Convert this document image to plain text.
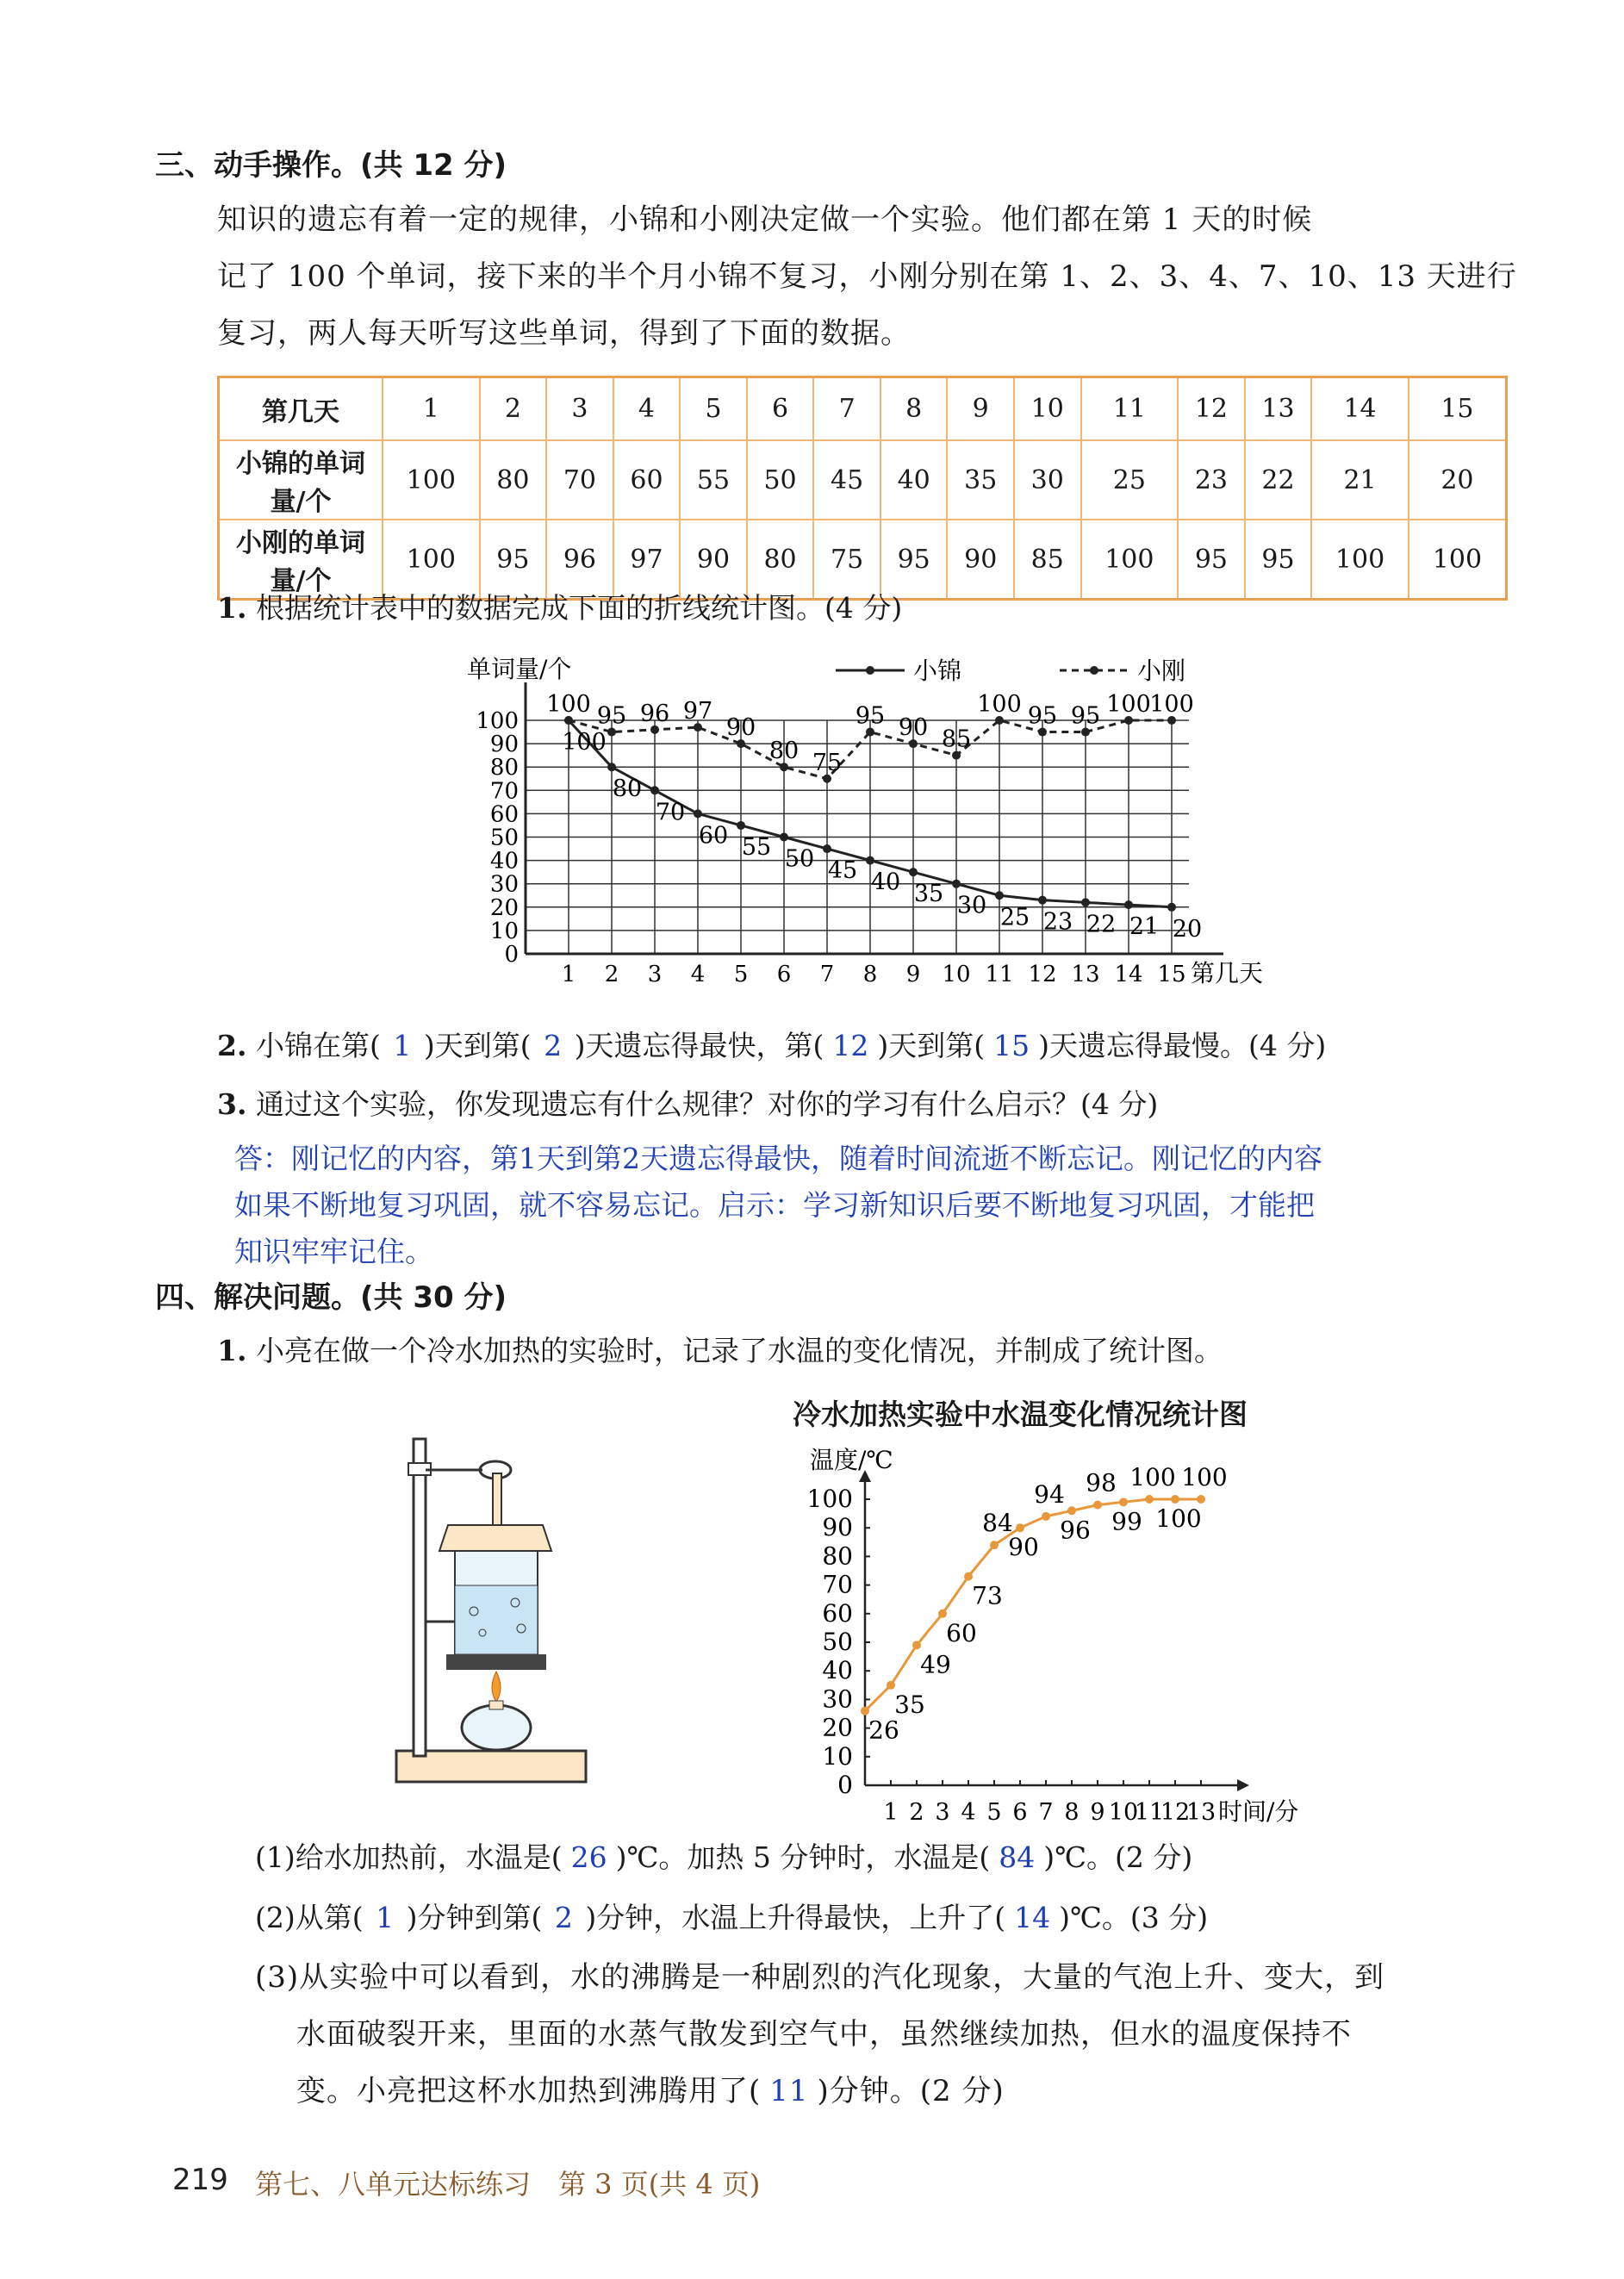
三、动手操作。(共 12 分)
知识的遗忘有着一定的规律，小锦和小刚决定做一个实验。他们都在第 1 天的时候
记了 100 个单词，接下来的半个月小锦不复习，小刚分别在第 1、2、3、4、7、10、13 天进行
复习，两人每天听写这些单词，得到了下面的数据。
第几天	1	2	3	4	5	6	7	8	9	10	11	12	13	14	15
小锦的单词量/个	100	80	70	60	55	50	45	40	35	30	25	23	22	21	20
小刚的单词量/个	100	95	96	97	90	80	75	95	90	85	100	95	95	100	100
1. 根据统计表中的数据完成下面的折线统计图。(4 分)
0
10
20
30
40
50
60
70
80
90
100
1 2 3 4 5 6 7 8 9 10 11 12 13 14 15 第几天
单词量/个	小锦	小刚
100
80
70
60 55 50 45 40 35 30 25 23 22 21 20
100 95 96 97
90
80 75
95 90 85
100 95 95 100
100
2. 小锦在第( 1 )天到第( 2 )天遗忘得最快，第( 12 )天到第( 15 )天遗忘得最慢。(4 分)
3. 通过这个实验，你发现遗忘有什么规律？对你的学习有什么启示？(4 分)
答：刚记忆的内容，第1天到第2天遗忘得最快，随着时间流逝不断忘记。刚记忆的内容
如果不断地复习巩固，就不容易忘记。启示：学习新知识后要不断地复习巩固，才能把
知识牢牢记住。
四、解决问题。(共 30 分)
1. 小亮在做一个冷水加热的实验时，记录了水温的变化情况，并制成了统计图。
冷水加热实验中水温变化情况统计图
温度/℃
时间/分
0
10
20
30
40
50
60
70
80
90
100
1 2 3 4 5 6 7 8 9 10
11
12
13
26
35
49
60
73
84
90
94
96
98
99
100
100
100
(1)给水加热前，水温是( 26 )℃。加热 5 分钟时，水温是( 84 )℃。(2 分)
(2)从第( 1 )分钟到第( 2 )分钟，水温上升得最快，上升了( 14 )℃。(3 分)
(3)从实验中可以看到，水的沸腾是一种剧烈的汽化现象，大量的气泡上升、变大，到
水面破裂开来，里面的水蒸气散发到空气中，虽然继续加热，但水的温度保持不
变。小亮把这杯水加热到沸腾用了( 11 )分钟。(2 分)
219 第七、八单元达标练习　第 3 页(共 4 页)
